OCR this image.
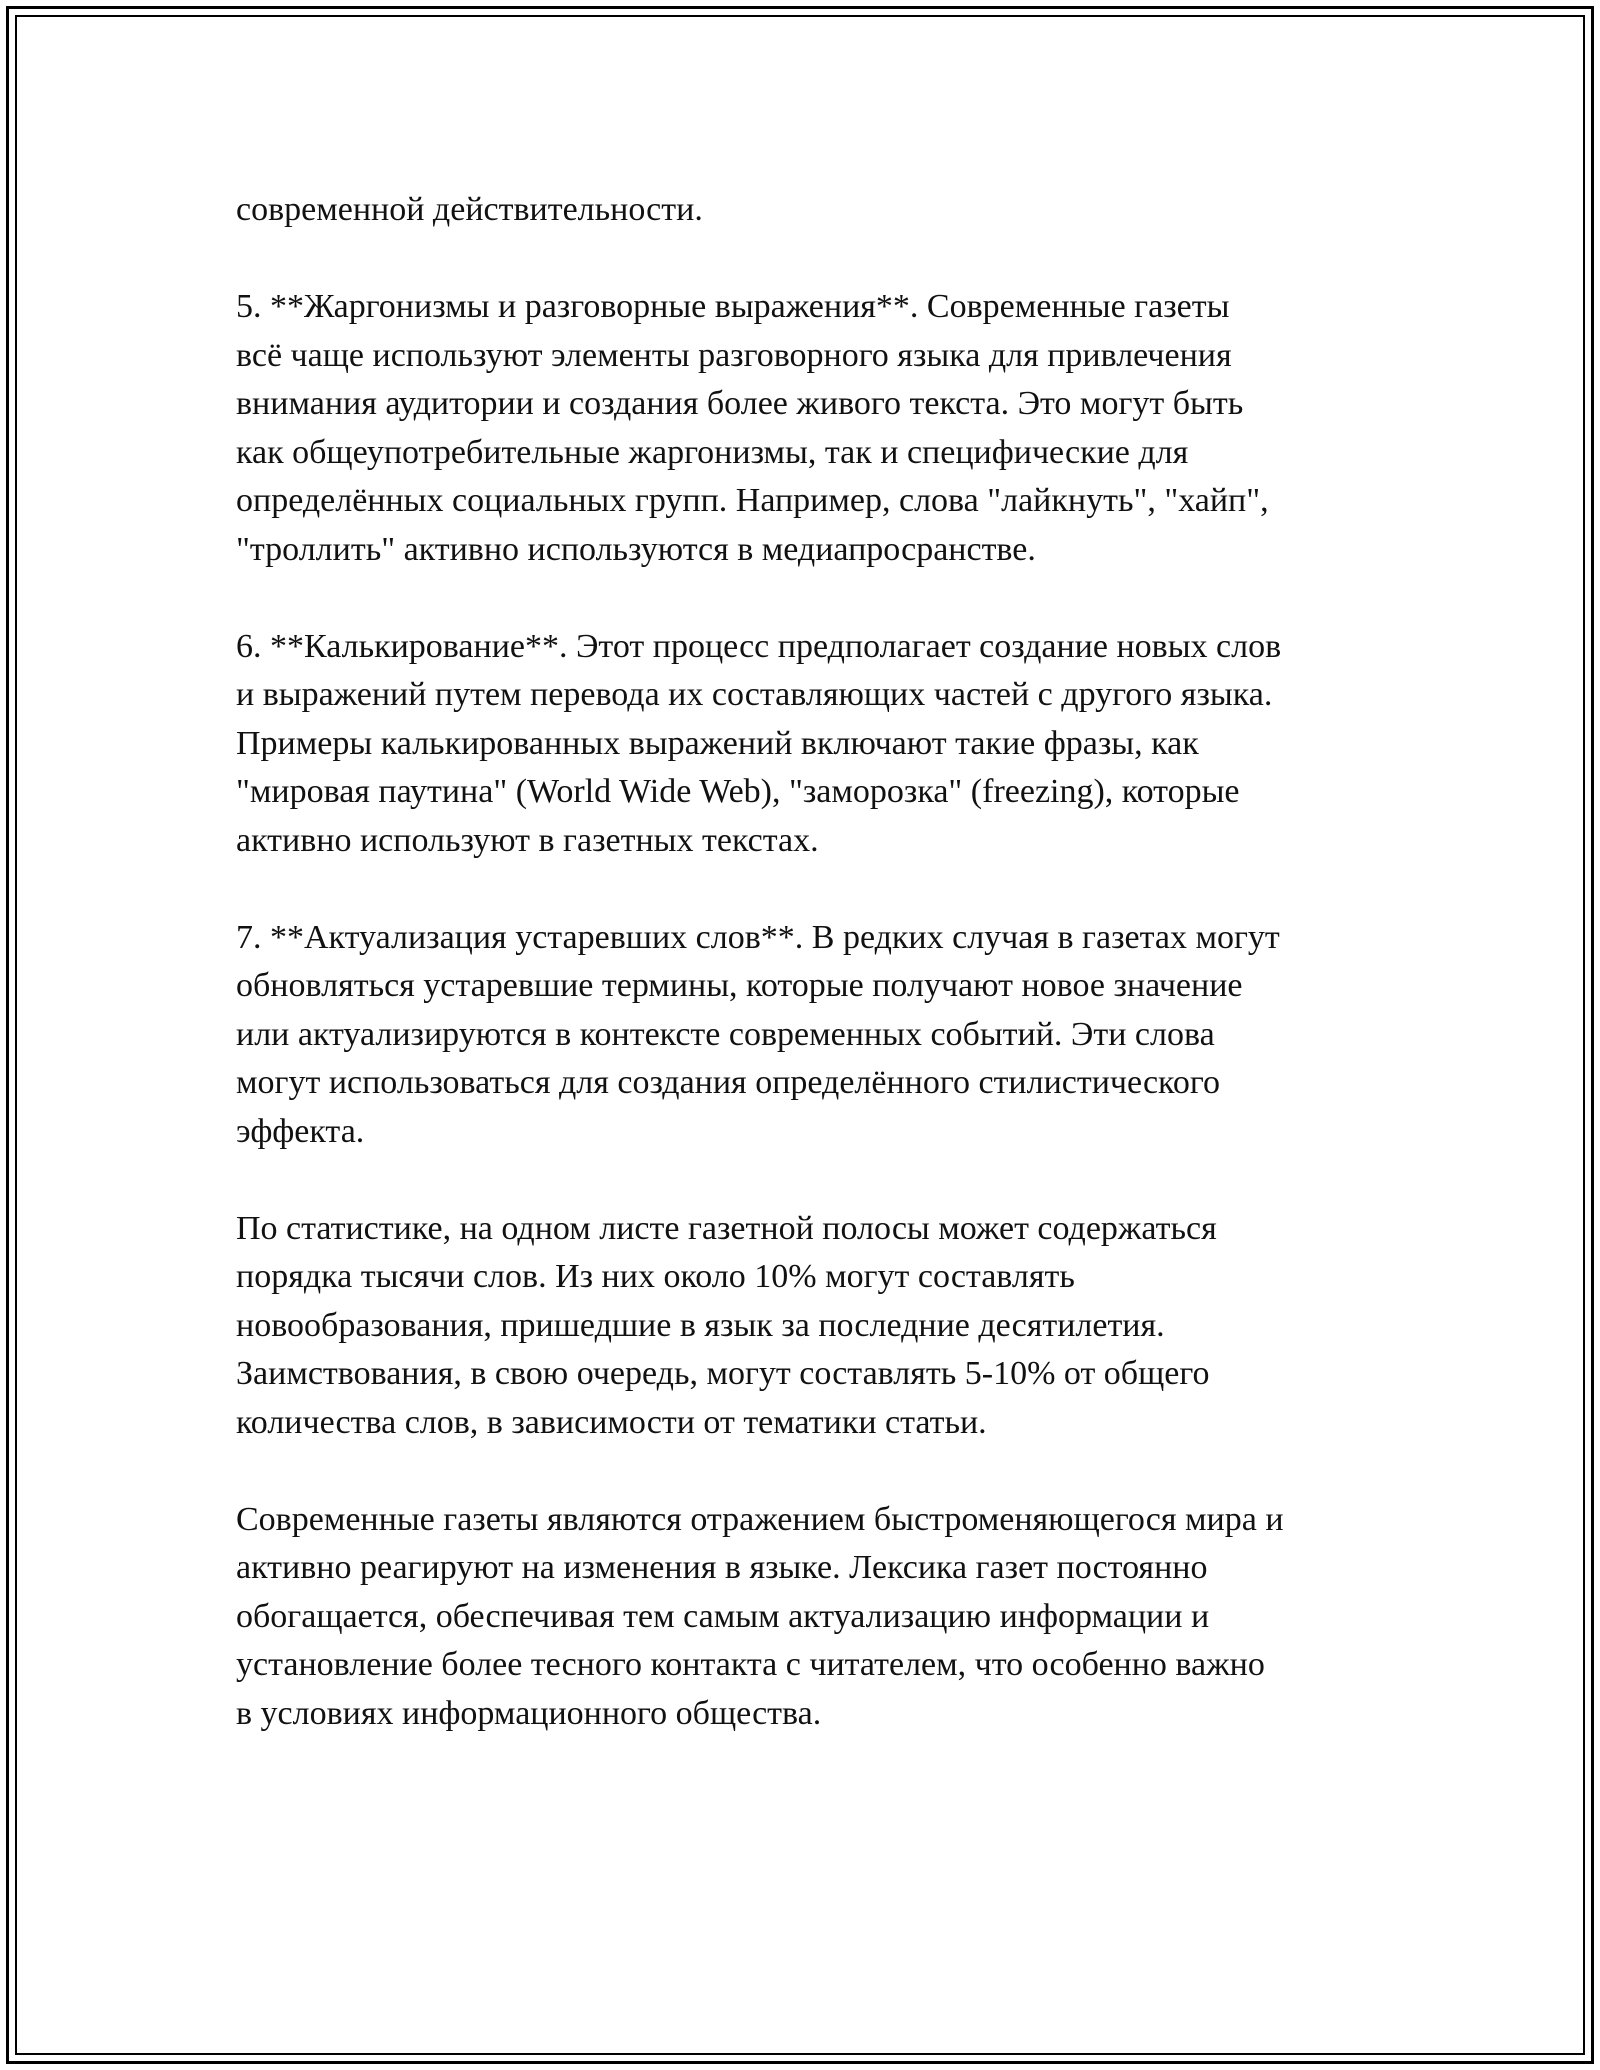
современной действительности.

5. **Жаргонизмы и разговорные выражения**. Современные газеты
всё чаще используют элементы разговорного языка для привлечения
внимания аудитории и создания более живого текста. Это могут быть
как общеупотребительные жаргонизмы, так и специфические для
определённых социальных групп. Например, слова "лайкнуть", "хайп",
"троллить" активно используются в медиапросранстве.

6. **Калькирование**. Этот процесс предполагает создание новых слов
и выражений путем перевода их составляющих частей с другого языка.
Примеры калькированных выражений включают такие фразы, как
"мировая паутина" (World Wide Web), "заморозка" (freezing), которые
активно используют в газетных текстах.

7. **Актуализация устаревших слов**. В редких случая в газетах могут
обновляться устаревшие термины, которые получают новое значение
или актуализируются в контексте современных событий. Эти слова
могут использоваться для создания определённого стилистического
эффекта.

По статистике, на одном листе газетной полосы может содержаться
порядка тысячи слов. Из них около 10% могут составлять
новообразования, пришедшие в язык за последние десятилетия.
Заимствования, в свою очередь, могут составлять 5-10% от общего
количества слов, в зависимости от тематики статьи.

Современные газеты являются отражением быстроменяющегося мира и
активно реагируют на изменения в языке. Лексика газет постоянно
обогащается, обеспечивая тем самым актуализацию информации и
установление более тесного контакта с читателем, что особенно важно
в условиях информационного общества.
